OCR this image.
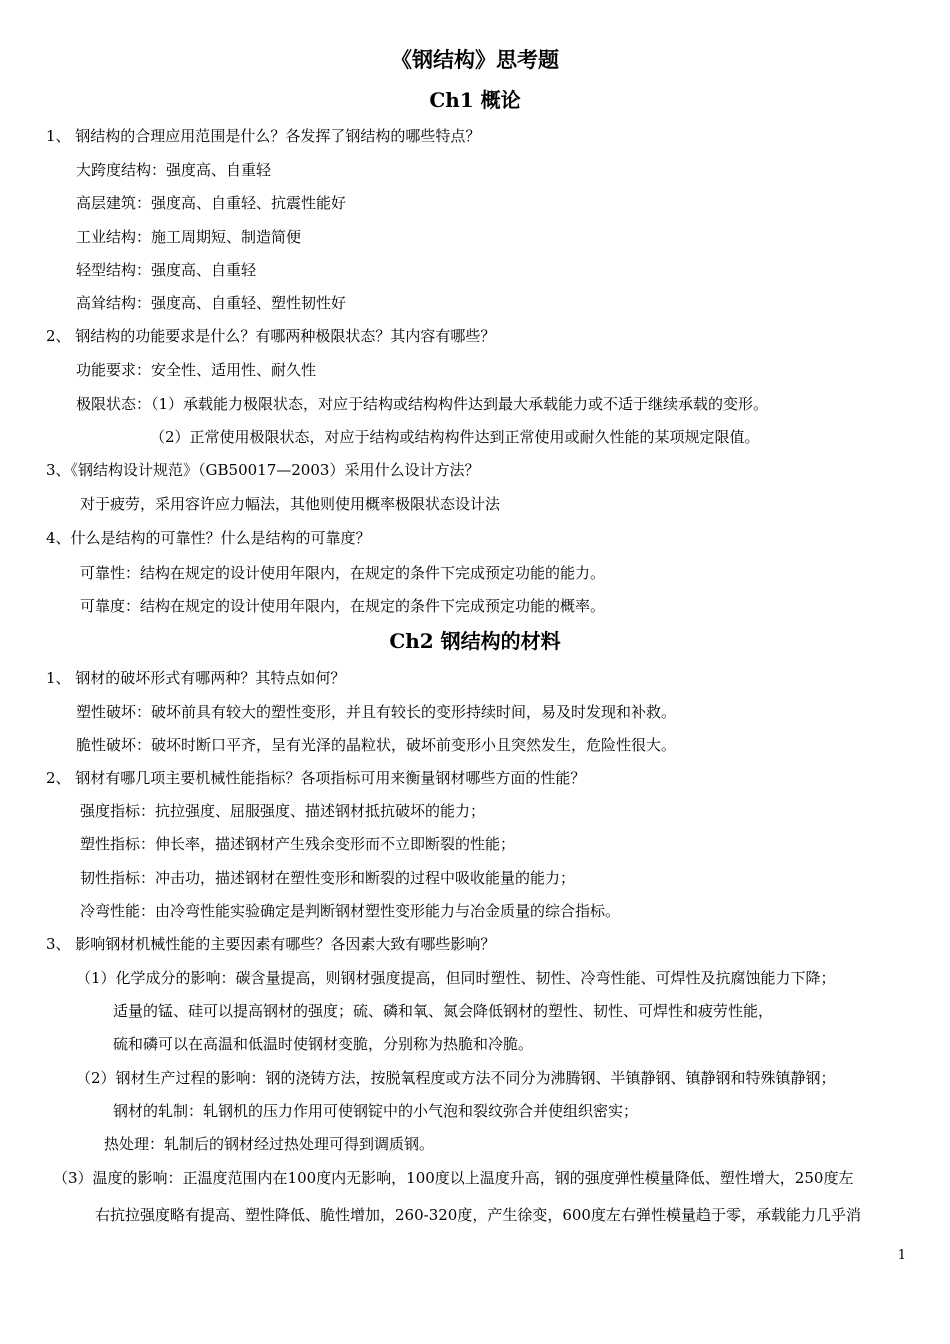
《钢结构》思考题
Ch1 概论
1、 钢结构的合理应用范围是什么？各发挥了钢结构的哪些特点？
大跨度结构：强度高、自重轻
高层建筑：强度高、自重轻、抗震性能好
工业结构：施工周期短、制造简便
轻型结构：强度高、自重轻
高耸结构：强度高、自重轻、塑性韧性好
2、 钢结构的功能要求是什么？有哪两种极限状态？其内容有哪些？
功能要求：安全性、适用性、耐久性
极限状态：（1）承载能力极限状态，对应于结构或结构构件达到最大承载能力或不适于继续承载的变形。
（2）正常使用极限状态，对应于结构或结构构件达到正常使用或耐久性能的某项规定限值。
3、《钢结构设计规范》（GB50017—2003）采用什么设计方法？
对于疲劳，采用容许应力幅法，其他则使用概率极限状态设计法
4、什么是结构的可靠性？什么是结构的可靠度？
可靠性：结构在规定的设计使用年限内，在规定的条件下完成预定功能的能力。
可靠度：结构在规定的设计使用年限内，在规定的条件下完成预定功能的概率。
Ch2 钢结构的材料
1、 钢材的破坏形式有哪两种？其特点如何？
塑性破坏：破坏前具有较大的塑性变形，并且有较长的变形持续时间，易及时发现和补救。
脆性破坏：破坏时断口平齐，呈有光泽的晶粒状，破坏前变形小且突然发生，危险性很大。
2、 钢材有哪几项主要机械性能指标？各项指标可用来衡量钢材哪些方面的性能？
强度指标：抗拉强度、屈服强度、描述钢材抵抗破坏的能力；
塑性指标：伸长率，描述钢材产生残余变形而不立即断裂的性能；
韧性指标：冲击功，描述钢材在塑性变形和断裂的过程中吸收能量的能力；
冷弯性能：由冷弯性能实验确定是判断钢材塑性变形能力与冶金质量的综合指标。
3、 影响钢材机械性能的主要因素有哪些？各因素大致有哪些影响？
（1）化学成分的影响：碳含量提高，则钢材强度提高，但同时塑性、韧性、冷弯性能、可焊性及抗腐蚀能力下降；
适量的锰、硅可以提高钢材的强度；硫、磷和氧、氮会降低钢材的塑性、韧性、可焊性和疲劳性能，
硫和磷可以在高温和低温时使钢材变脆，分别称为热脆和冷脆。
（2）钢材生产过程的影响：钢的浇铸方法，按脱氧程度或方法不同分为沸腾钢、半镇静钢、镇静钢和特殊镇静钢；
钢材的轧制：轧钢机的压力作用可使钢锭中的小气泡和裂纹弥合并使组织密实；
热处理：轧制后的钢材经过热处理可得到调质钢。
（3）温度的影响：正温度范围内在100度内无影响，100度以上温度升高，钢的强度弹性模量降低、塑性增大，250度左
右抗拉强度略有提高、塑性降低、脆性增加，260-320度，产生徐变，600度左右弹性模量趋于零，承载能力几乎消
1
